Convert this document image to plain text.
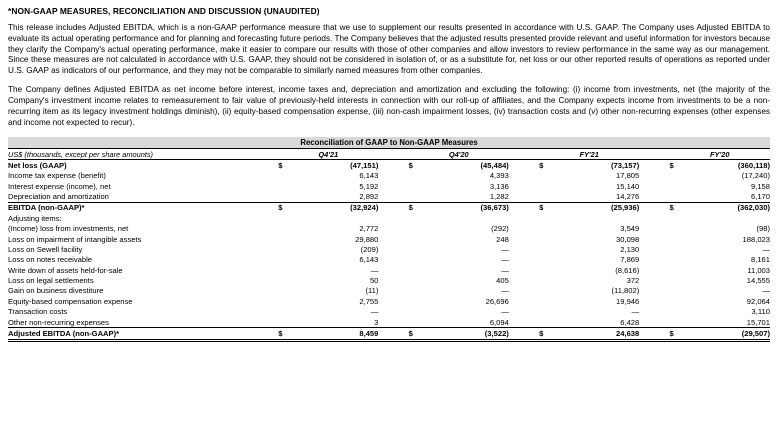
*NON-GAAP MEASURES, RECONCILIATION AND DISCUSSION (UNAUDITED)

This release includes Adjusted EBITDA, which is a non-GAAP performance measure that we use to supplement our results presented in accordance with U.S. GAAP. The Company uses Adjusted EBITDA to evaluate its actual operating performance and for planning and forecasting future periods. The Company believes that the adjusted results presented provide relevant and useful information for investors because they clarify the Company's actual operating performance, make it easier to compare our results with those of other companies and allow investors to review performance in the same way as our management. Since these measures are not calculated in accordance with U.S. GAAP, they should not be considered in isolation of, or as a substitute for, net loss or our other reported results of operations as reported under U.S. GAAP as indicators of our performance, and they may not be comparable to similarly named measures from other companies.

The Company defines Adjusted EBITDA as net income before interest, income taxes and, depreciation and amortization and excluding the following: (i) income from investments, net (the majority of the Company's investment income relates to remeasurement to fair value of previously-held interests in connection with our roll-up of affiliates, and the Company expects income from investments to be a non-recurring item as its legacy investment holdings diminish), (ii) equity-based compensation expense, (iii) non-cash impairment losses, (iv) transaction costs and (v) other non-recurring expenses (other expenses and income not expected to recur).

Reconciliation of GAAP to Non-GAAP Measures											
US$ (thousands, except per share amounts)	Q4'21			Q4'20			FY'21			FY'20	
Net loss (GAAP)	$	(47,151)		$	(45,484)		$	(73,157)		$	(360,118)
Income tax expense (benefit)		6,143			4,393			17,805			(17,240)
Interest expense (income), net		5,192			3,136			15,140			9,158
Depreciation and amortization		2,892			1,282			14,276			6,170
EBITDA (non-GAAP)*	$	(32,924)		$	(36,673)		$	(25,936)		$	(362,030)
Adjusting items:											
(Income) loss from investments, net		2,772			(292)			3,549			(98)
Loss on impairment of intangible assets		29,880			248			30,098			188,023
Loss on Sewell facility		(209)			—			2,130			—
Loss on notes receivable		6,143			—			7,869			8,161
Write down of assets held-for-sale		—			—			(8,616)			11,003
Loss on legal settlements		50			405			372			14,555
Gain on business divestiture		(11)			—			(11,802)			—
Equity-based compensation expense		2,755			26,696			19,946			92,064
Transaction costs		—			—			—			3,110
Other non-recurring expenses		3			6,094			6,428			15,701
Adjusted EBITDA (non-GAAP)*	$	8,459		$	(3,522)		$	24,638		$	(29,507)
